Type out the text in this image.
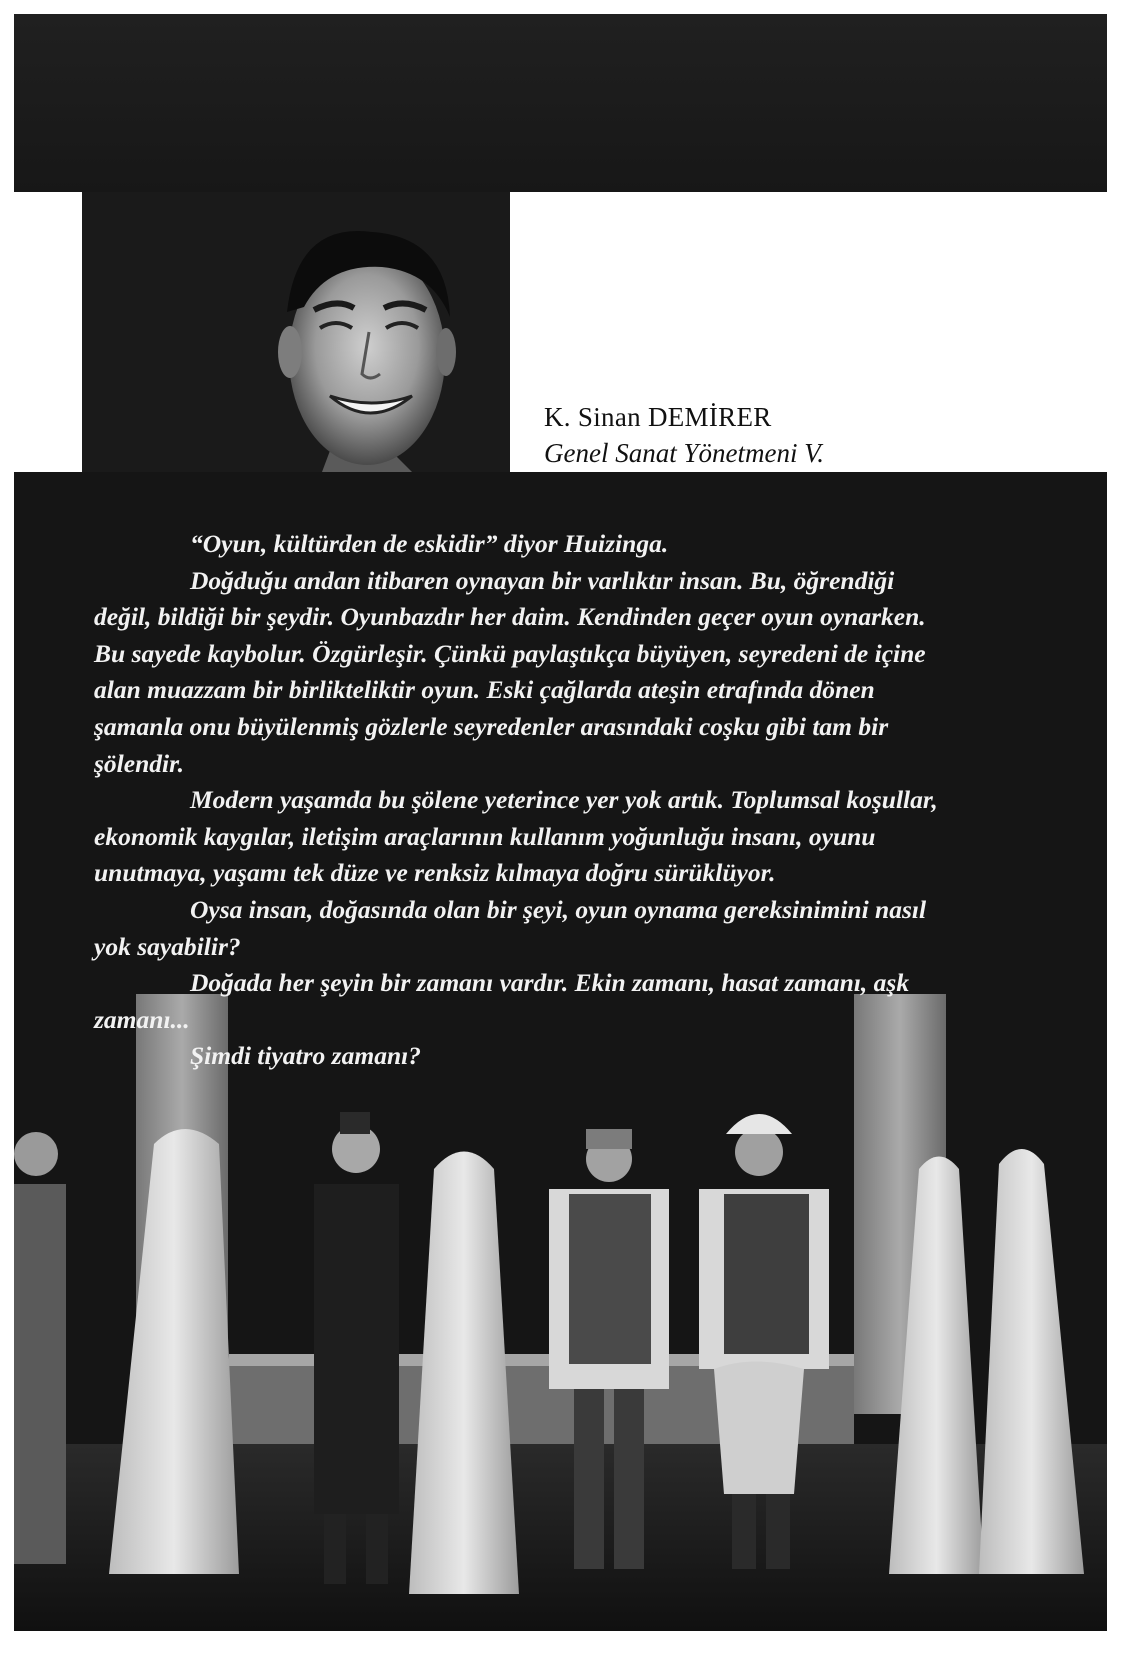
K. Sinan DEMİRER
Genel Sanat Yönetmeni V.

“Oyun, kültürden de eskidir” diyor Huizinga.

Doğduğu andan itibaren oynayan bir varlıktır insan. Bu, öğrendiği değil, bildiği bir şeydir. Oyunbazdır her daim. Kendinden geçer oyun oynarken. Bu sayede kaybolur. Özgürleşir. Çünkü paylaştıkça büyüyen, seyredeni de içine alan muazzam bir birlikteliktir oyun. Eski çağlarda ateşin etrafında dönen şamanla onu büyülenmiş gözlerle seyredenler arasındaki coşku gibi tam bir şölendir.

Modern yaşamda bu şölene yeterince yer yok artık. Toplumsal koşullar, ekonomik kaygılar, iletişim araçlarının kullanım yoğunluğu insanı, oyunu unutmaya, yaşamı tek düze ve renksiz kılmaya doğru sürüklüyor.

Oysa insan, doğasında olan bir şeyi, oyun oynama gereksinimini nasıl yok sayabilir?

Doğada her şeyin bir zamanı vardır. Ekin zamanı, hasat zamanı, aşk zamanı...

Şimdi tiyatro zamanı?
